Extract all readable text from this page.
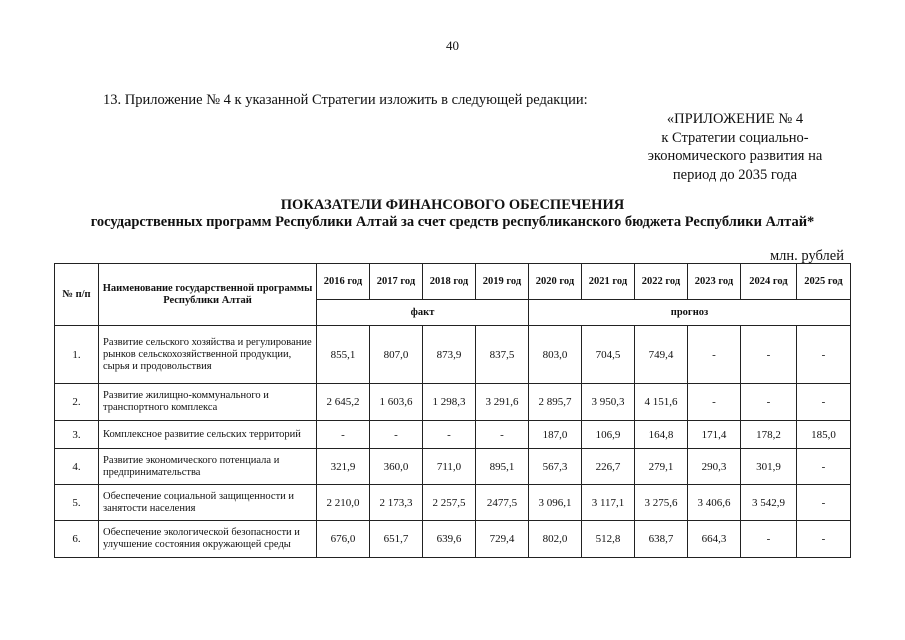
40
13. Приложение № 4 к указанной Стратегии изложить в следующей редакции:
«ПРИЛОЖЕНИЕ № 4
к Стратегии социально-
экономического развития на
период до 2035 года
ПОКАЗАТЕЛИ ФИНАНСОВОГО ОБЕСПЕЧЕНИЯ
государственных программ Республики Алтай за счет средств республиканского бюджета Республики Алтай*
млн. рублей
№ п/п	Наименование государственной программы Республики Алтай	2016 год	2017 год	2018 год	2019 год	2020 год	2021 год	2022 год	2023 год	2024 год	2025 год
		факт				прогноз					
1.	Развитие сельского хозяйства и регулирование рынков сельскохозяйственной продукции, сырья и продовольствия	855,1	807,0	873,9	837,5	803,0	704,5	749,4	-	-	-
2.	Развитие жилищно-коммунального и транспортного комплекса	2 645,2	1 603,6	1 298,3	3 291,6	2 895,7	3 950,3	4 151,6	-	-	-
3.	Комплексное развитие сельских территорий	-	-	-	-	187,0	106,9	164,8	171,4	178,2	185,0
4.	Развитие экономического потенциала и предпринимательства	321,9	360,0	711,0	895,1	567,3	226,7	279,1	290,3	301,9	-
5.	Обеспечение социальной защищенности и занятости населения	2 210,0	2 173,3	2 257,5	2477,5	3 096,1	3 117,1	3 275,6	3 406,6	3 542,9	-
6.	Обеспечение экологической безопасности и улучшение состояния окружающей среды	676,0	651,7	639,6	729,4	802,0	512,8	638,7	664,3	-	-
